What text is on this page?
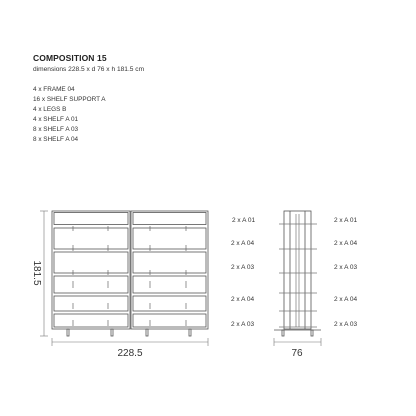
COMPOSITION 15
dimensions 228.5 x d 76 x h 181.5 cm
4 x FRAME 04
16 x SHELF SUPPORT A
4 x LEGS B
4 x SHELF A 01
8 x SHELF A 03
8 x SHELF A 04
228.5
181.5
2 x A 01	2 x A 01
2 x A 04	2 x A 04
2 x A 03	2 x A 03
2 x A 04	2 x A 04
2 x A 03	2 x A 03
76
